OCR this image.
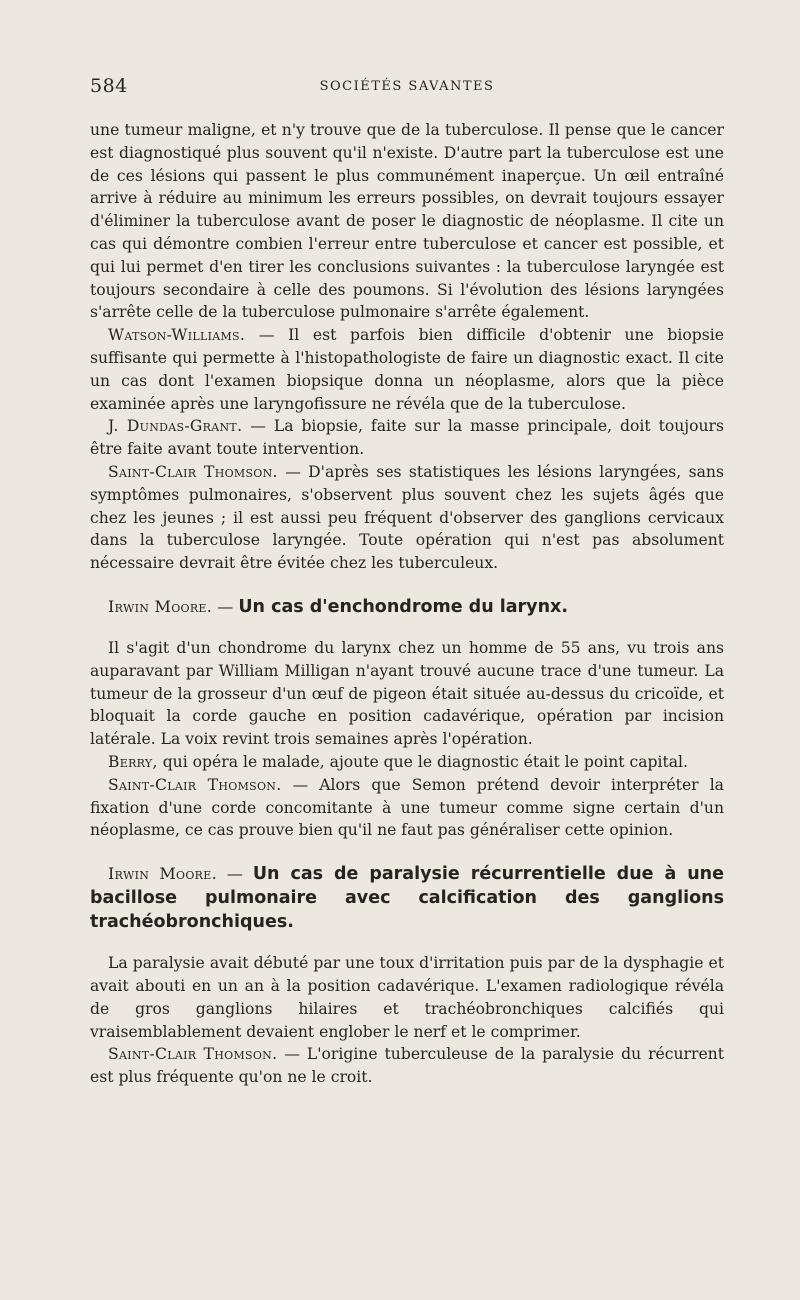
584	SOCIÉTÉS SAVANTES

une tumeur maligne, et n'y trouve que de la tuberculose. Il pense que le cancer est diagnostiqué plus souvent qu'il n'existe. D'autre part la tuberculose est une de ces lésions qui passent le plus communément inaperçue. Un œil entraîné arrive à réduire au minimum les erreurs possibles, on devrait toujours essayer d'éliminer la tuberculose avant de poser le diagnostic de néoplasme. Il cite un cas qui démontre combien l'erreur entre tuberculose et cancer est possible, et qui lui permet d'en tirer les conclusions suivantes : la tuberculose laryngée est toujours secondaire à celle des poumons. Si l'évolution des lésions laryngées s'arrête celle de la tuberculose pulmonaire s'arrête également.

Watson-Williams. — Il est parfois bien difficile d'obtenir une biopsie suffisante qui permette à l'histopathologiste de faire un diagnostic exact. Il cite un cas dont l'examen biopsique donna un néoplasme, alors que la pièce examinée après une laryngofissure ne révéla que de la tuberculose.

J. Dundas-Grant. — La biopsie, faite sur la masse principale, doit toujours être faite avant toute intervention.

Saint-Clair Thomson. — D'après ses statistiques les lésions laryngées, sans symptômes pulmonaires, s'observent plus souvent chez les sujets âgés que chez les jeunes ; il est aussi peu fréquent d'observer des ganglions cervicaux dans la tuberculose laryngée. Toute opération qui n'est pas absolument nécessaire devrait être évitée chez les tuberculeux.

Irwin Moore. — Un cas d'enchondrome du larynx.

Il s'agit d'un chondrome du larynx chez un homme de 55 ans, vu trois ans auparavant par William Milligan n'ayant trouvé aucune trace d'une tumeur. La tumeur de la grosseur d'un œuf de pigeon était située au-dessus du cricoïde, et bloquait la corde gauche en position cadavérique, opération par incision latérale. La voix revint trois semaines après l'opération.

Berry, qui opéra le malade, ajoute que le diagnostic était le point capital.

Saint-Clair Thomson. — Alors que Semon prétend devoir interpréter la fixation d'une corde concomitante à une tumeur comme signe certain d'un néoplasme, ce cas prouve bien qu'il ne faut pas généraliser cette opinion.

Irwin Moore. — Un cas de paralysie récurrentielle due à une bacillose pulmonaire avec calcification des ganglions trachéobronchiques.

La paralysie avait débuté par une toux d'irritation puis par de la dysphagie et avait abouti en un an à la position cadavérique. L'examen radiologique révéla de gros ganglions hilaires et trachéobronchiques calcifiés qui vraisemblablement devaient englober le nerf et le comprimer.

Saint-Clair Thomson. — L'origine tuberculeuse de la paralysie du récurrent est plus fréquente qu'on ne le croit.
